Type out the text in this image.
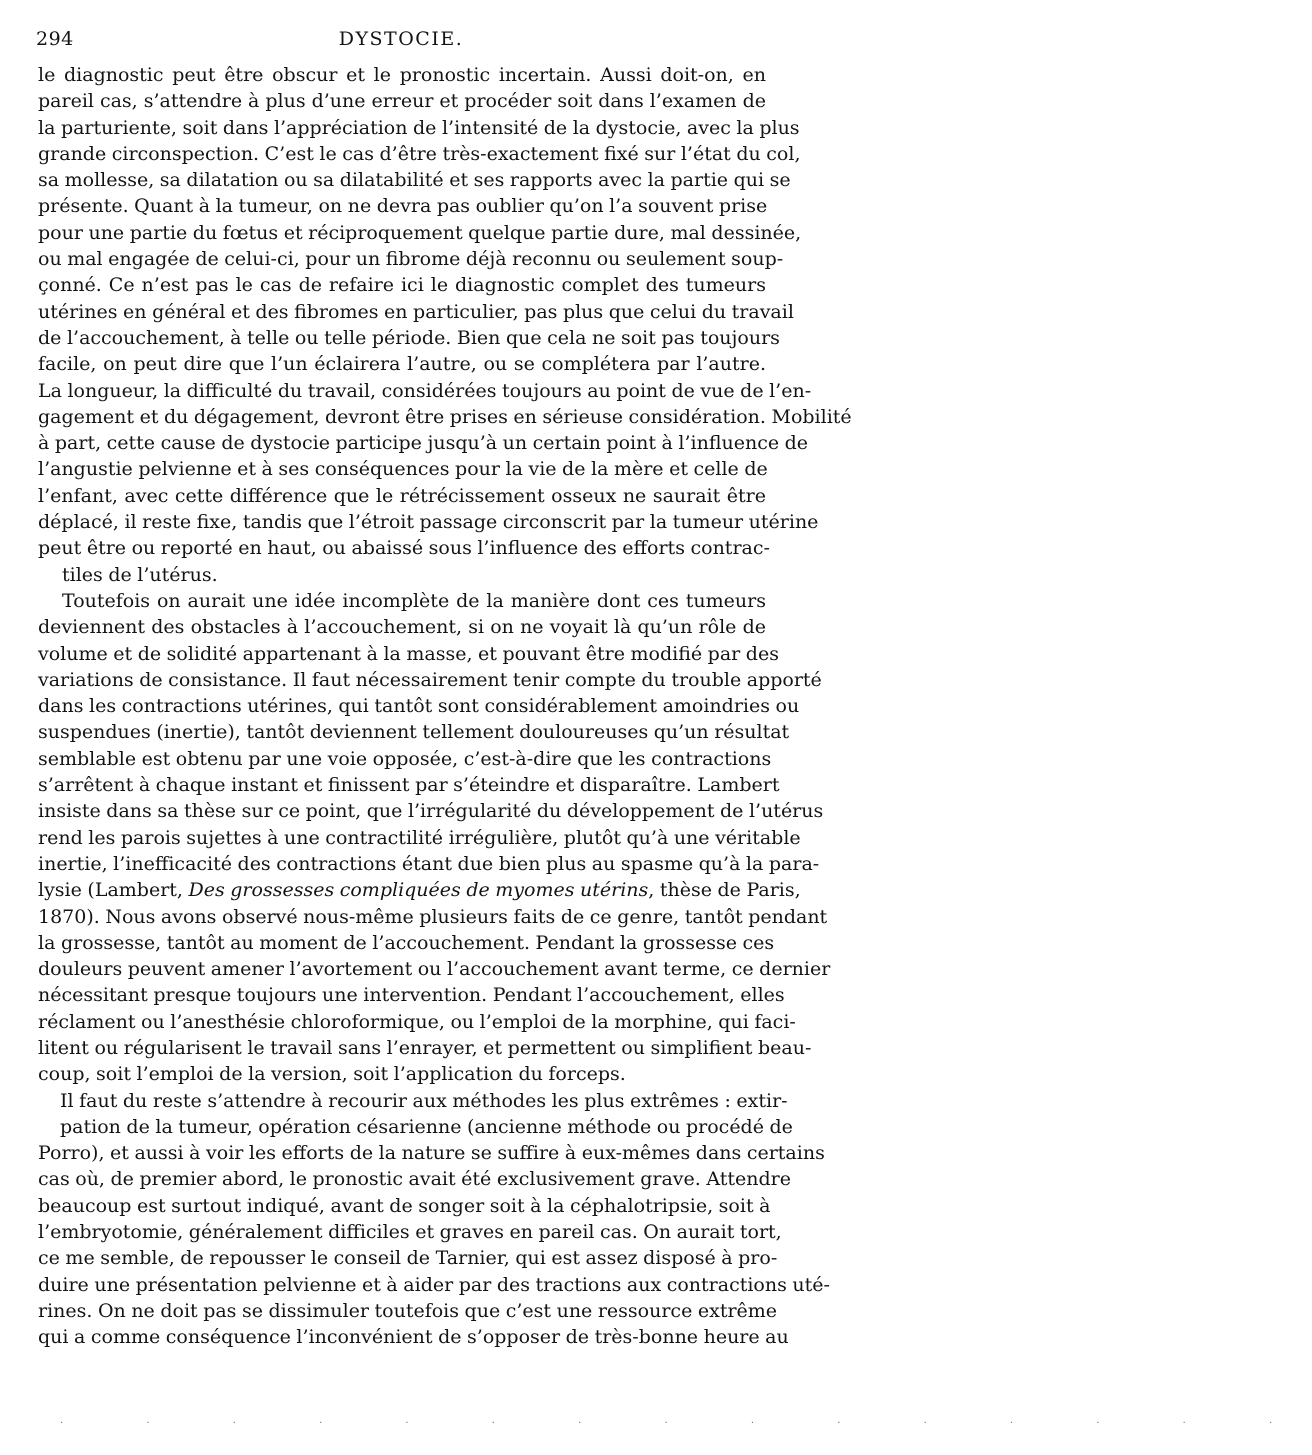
294	DYSTOCIE.
le diagnostic peut être obscur et le pronostic incertain. Aussi doit-on, en
pareil cas, s’attendre à plus d’une erreur et procéder soit dans l’examen de
la parturiente, soit dans l’appréciation de l’intensité de la dystocie, avec la plus
grande circonspection. C’est le cas d’être très-exactement fixé sur l’état du col,
sa mollesse, sa dilatation ou sa dilatabilité et ses rapports avec la partie qui se
présente. Quant à la tumeur, on ne devra pas oublier qu’on l’a souvent prise
pour une partie du fœtus et réciproquement quelque partie dure, mal dessinée,
ou mal engagée de celui-ci, pour un fibrome déjà reconnu ou seulement soup-
çonné. Ce n’est pas le cas de refaire ici le diagnostic complet des tumeurs
utérines en général et des fibromes en particulier, pas plus que celui du travail
de l’accouchement, à telle ou telle période. Bien que cela ne soit pas toujours
facile, on peut dire que l’un éclairera l’autre, ou se complétera par l’autre.
La longueur, la difficulté du travail, considérées toujours au point de vue de l’en-
gagement et du dégagement, devront être prises en sérieuse considération. Mobilité
à part, cette cause de dystocie participe jusqu’à un certain point à l’influence de
l’angustie pelvienne et à ses conséquences pour la vie de la mère et celle de
l’enfant, avec cette différence que le rétrécissement osseux ne saurait être
déplacé, il reste fixe, tandis que l’étroit passage circonscrit par la tumeur utérine
peut être ou reporté en haut, ou abaissé sous l’influence des efforts contrac-
tiles de l’utérus.
Toutefois on aurait une idée incomplète de la manière dont ces tumeurs
deviennent des obstacles à l’accouchement, si on ne voyait là qu’un rôle de
volume et de solidité appartenant à la masse, et pouvant être modifié par des
variations de consistance. Il faut nécessairement tenir compte du trouble apporté
dans les contractions utérines, qui tantôt sont considérablement amoindries ou
suspendues (inertie), tantôt deviennent tellement douloureuses qu’un résultat
semblable est obtenu par une voie opposée, c’est-à-dire que les contractions
s’arrêtent à chaque instant et finissent par s’éteindre et disparaître. Lambert
insiste dans sa thèse sur ce point, que l’irrégularité du développement de l’utérus
rend les parois sujettes à une contractilité irrégulière, plutôt qu’à une véritable
inertie, l’inefficacité des contractions étant due bien plus au spasme qu’à la para-
lysie (Lambert, Des grossesses compliquées de myomes utérins, thèse de Paris,
1870). Nous avons observé nous-même plusieurs faits de ce genre, tantôt pendant
la grossesse, tantôt au moment de l’accouchement. Pendant la grossesse ces
douleurs peuvent amener l’avortement ou l’accouchement avant terme, ce dernier
nécessitant presque toujours une intervention. Pendant l’accouchement, elles
réclament ou l’anesthésie chloroformique, ou l’emploi de la morphine, qui faci-
litent ou régularisent le travail sans l’enrayer, et permettent ou simplifient beau-
coup, soit l’emploi de la version, soit l’application du forceps.
Il faut du reste s’attendre à recourir aux méthodes les plus extrêmes : extir-
pation de la tumeur, opération césarienne (ancienne méthode ou procédé de
Porro), et aussi à voir les efforts de la nature se suffire à eux-mêmes dans certains
cas où, de premier abord, le pronostic avait été exclusivement grave. Attendre
beaucoup est surtout indiqué, avant de songer soit à la céphalotripsie, soit à
l’embryotomie, généralement difficiles et graves en pareil cas. On aurait tort,
ce me semble, de repousser le conseil de Tarnier, qui est assez disposé à pro-
duire une présentation pelvienne et à aider par des tractions aux contractions uté-
rines. On ne doit pas se dissimuler toutefois que c’est une ressource extrême
qui a comme conséquence l’inconvénient de s’opposer de très-bonne heure au
· · · · · · · · · · · · · · ·
